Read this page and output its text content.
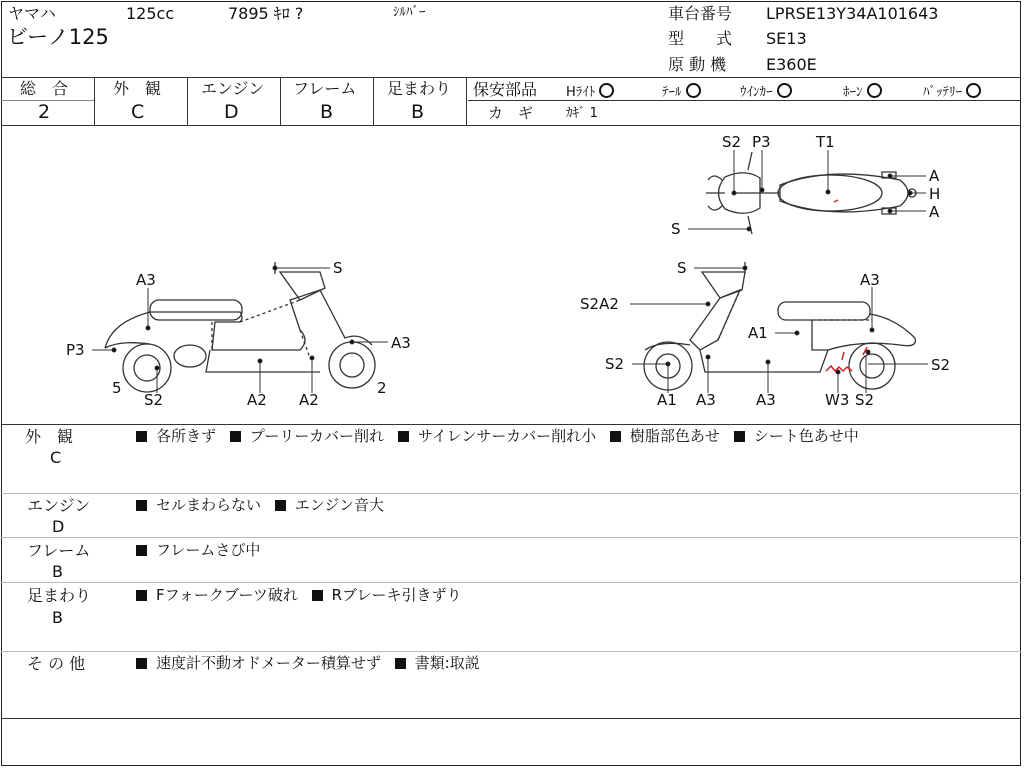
ヤマハ	125cc	7895 ｷﾛ ?	ｼﾙﾊﾞｰ
ビーノ125
車台番号 LPRSE13Y34A101643
型　　式 SE13
原 動 機 E360E
総　合
2
外　観
C
エンジン
D
フレーム
B
足まわり
B
保安部品 Hﾗｲﾄ	ﾃｰﾙ	ｳｲﾝｶｰ	ﾎｰﾝ	ﾊﾞｯﾃﾘｰ
カ　ギ	ｶｷﾞ 1
S2 P3	T1
A
H
A
S
S
A3
P3	A3
5
S2	A2 A2
2
S
A3
S2A2
A1
S2	S2
A1 A3	A3	W3 S2
外　観
C
各所きず プーリーカバー削れ サイレンサーカバー削れ小 樹脂部色あせ シート色あせ中
エンジン
D
セルまわらない エンジン音大
フレーム
B
フレームさび中
足まわり
B
Fフォークブーツ破れ Rブレーキ引きずり
そ の 他	速度計不動オドメーター積算せず 書類:取説
